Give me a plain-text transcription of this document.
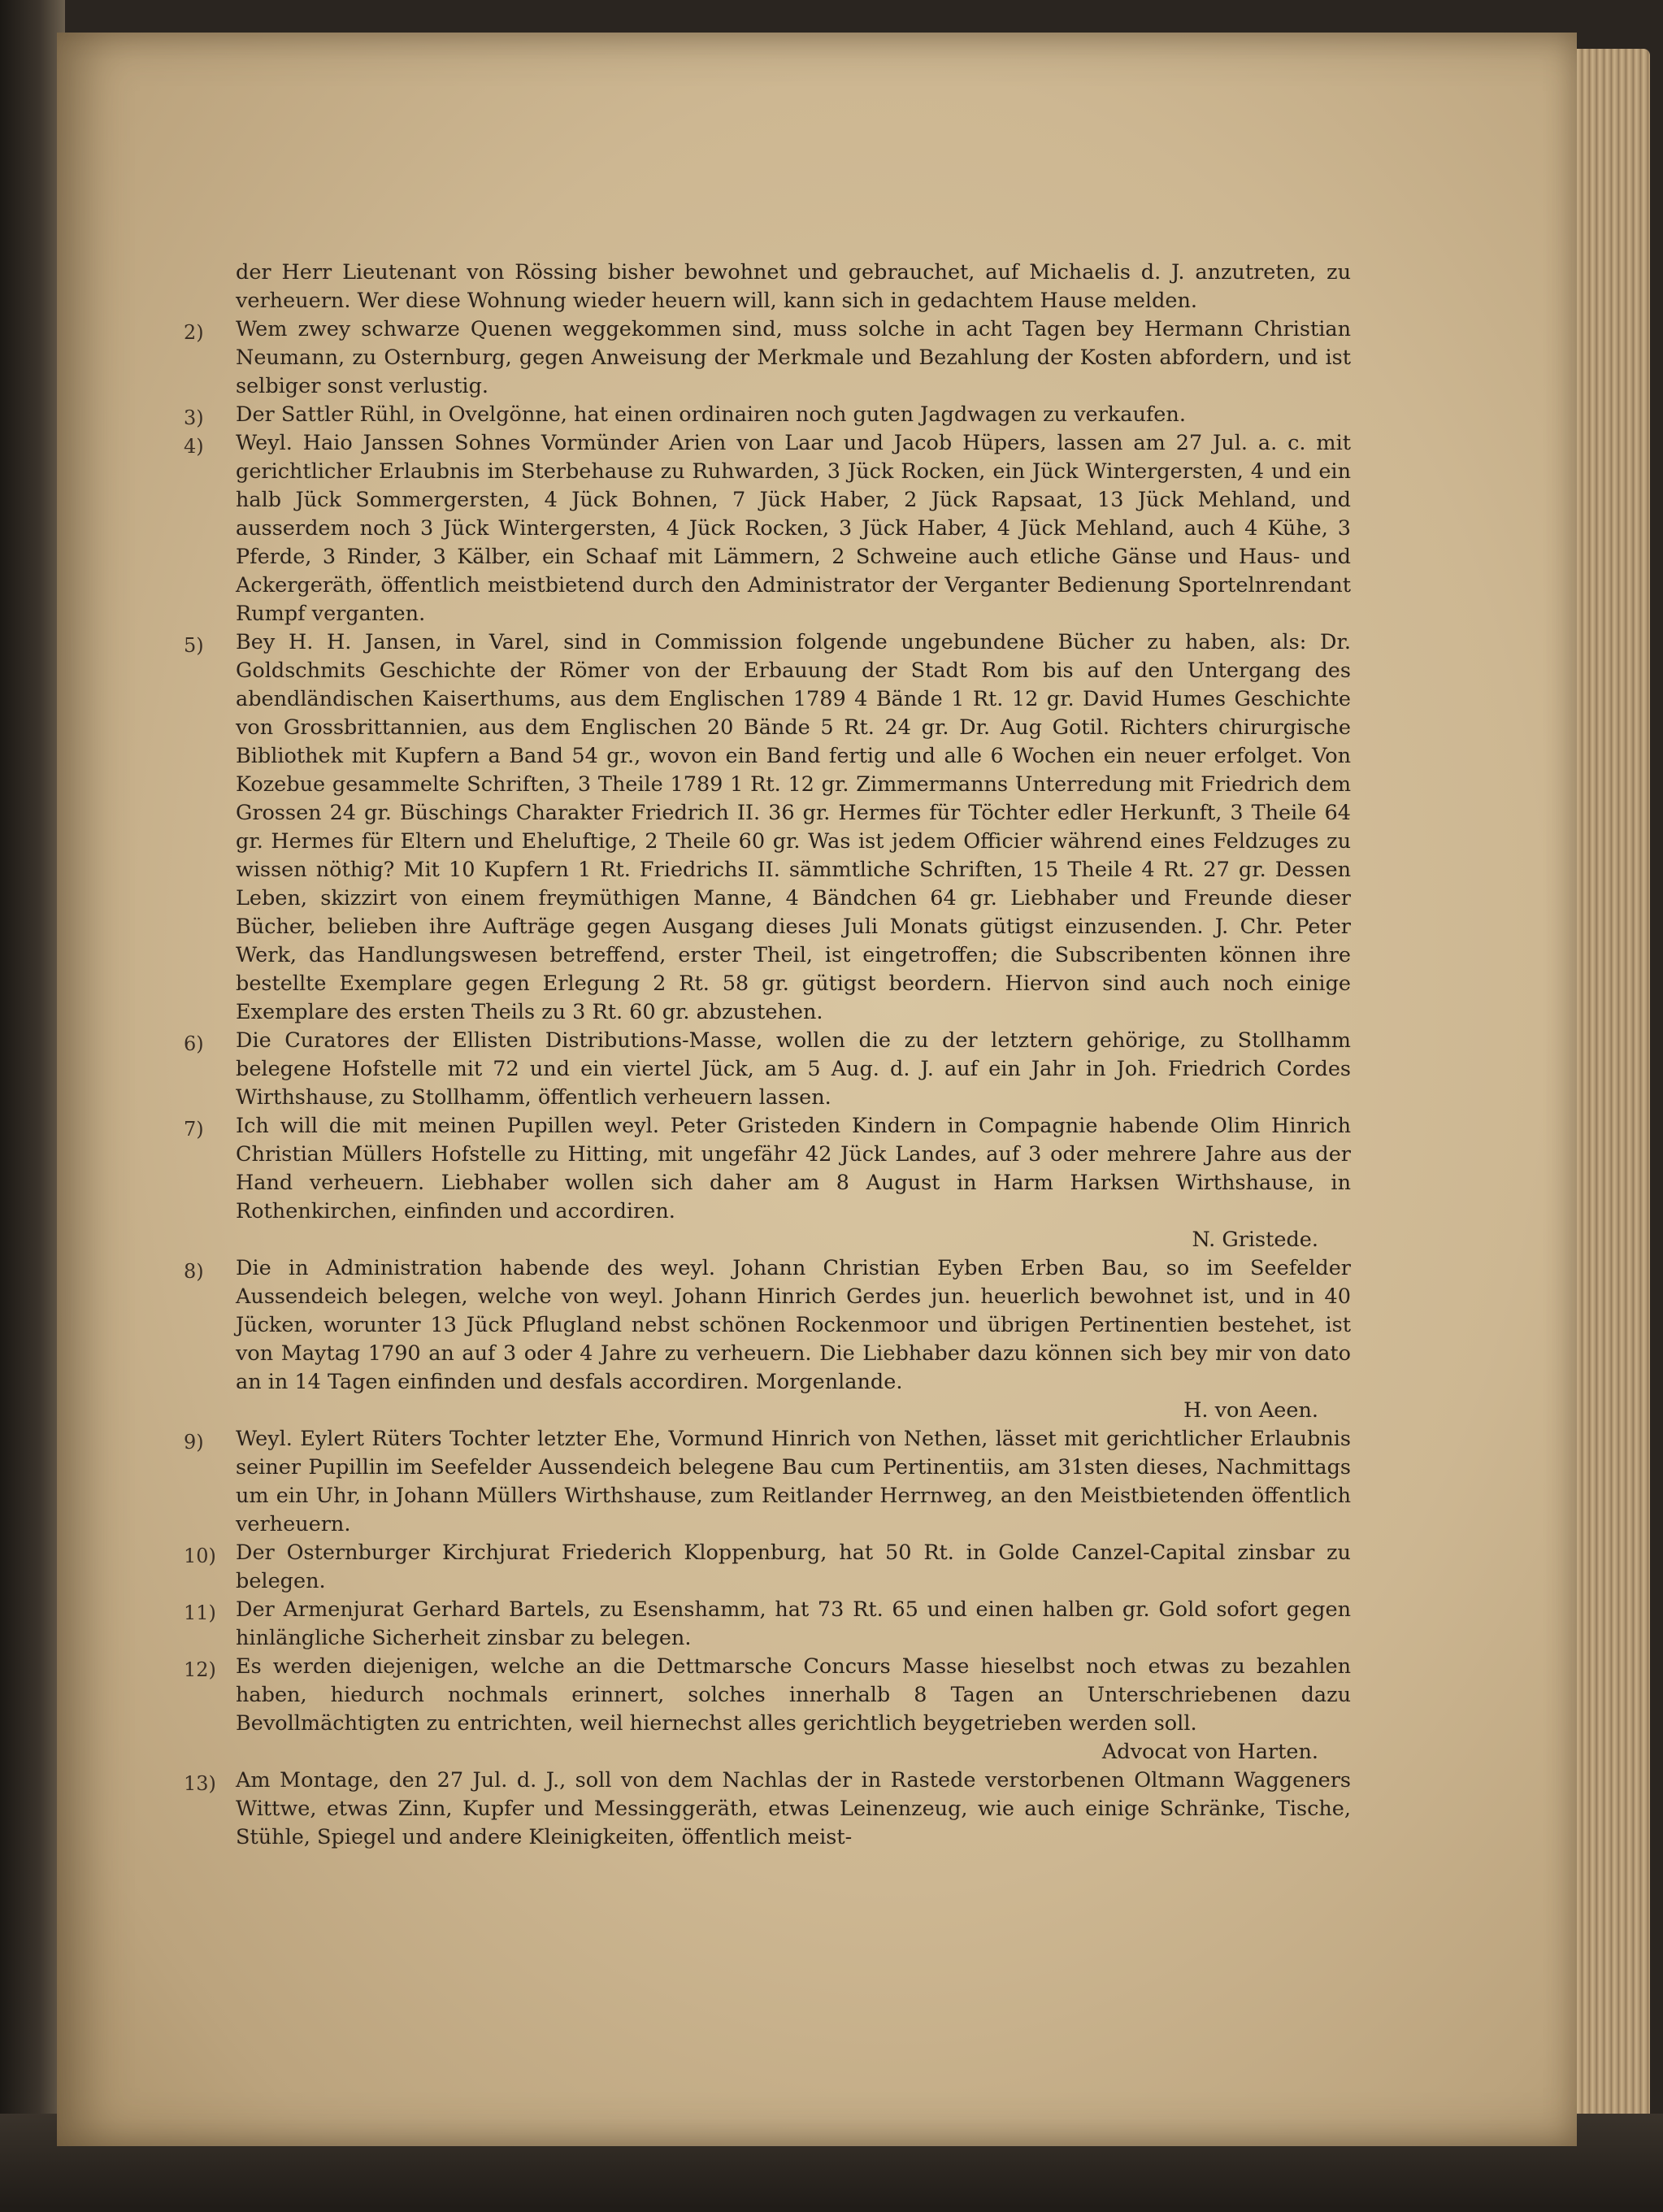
der Herr Lieutenant von Rössing bisher bewohnet und gebrauchet, auf Michaelis d. J. anzutreten, zu verheuern. Wer diese Wohnung wieder heuern will, kann sich in gedachtem Hause melden.

2) Wem zwey schwarze Quenen weggekommen sind, muss solche in acht Tagen bey Hermann Christian Neumann, zu Osternburg, gegen Anweisung der Merkmale und Bezahlung der Kosten abfordern, und ist selbiger sonst verlustig.
3) Der Sattler Rühl, in Ovelgönne, hat einen ordinairen noch guten Jagdwagen zu verkaufen.
4) Weyl. Haio Janssen Sohnes Vormünder Arien von Laar und Jacob Hüpers, lassen am 27 Jul. a. c. mit gerichtlicher Erlaubnis im Sterbehause zu Ruhwarden, 3 Jück Rocken, ein Jück Wintergersten, 4 und ein halb Jück Sommergersten, 4 Jück Bohnen, 7 Jück Haber, 2 Jück Rapsaat, 13 Jück Mehland, und ausserdem noch 3 Jück Wintergersten, 4 Jück Rocken, 3 Jück Haber, 4 Jück Mehland, auch 4 Kühe, 3 Pferde, 3 Rinder, 3 Kälber, ein Schaaf mit Lämmern, 2 Schweine auch etliche Gänse und Haus- und Ackergeräth, öffentlich meistbietend durch den Administrator der Verganter Bedienung Sportelnrendant Rumpf verganten.
5) Bey H. H. Jansen, in Varel, sind in Commission folgende ungebundene Bücher zu haben, als: Dr. Goldschmits Geschichte der Römer von der Erbauung der Stadt Rom bis auf den Untergang des abendländischen Kaiserthums, aus dem Englischen 1789 4 Bände 1 Rt. 12 gr. David Humes Geschichte von Grossbrittannien, aus dem Englischen 20 Bände 5 Rt. 24 gr. Dr. Aug Gotil. Richters chirurgische Bibliothek mit Kupfern a Band 54 gr., wovon ein Band fertig und alle 6 Wochen ein neuer erfolget. Von Kozebue gesammelte Schriften, 3 Theile 1789 1 Rt. 12 gr. Zimmermanns Unterredung mit Friedrich dem Grossen 24 gr. Büschings Charakter Friedrich II. 36 gr. Hermes für Töchter edler Herkunft, 3 Theile 64 gr. Hermes für Eltern und Eheluftige, 2 Theile 60 gr. Was ist jedem Officier während eines Feldzuges zu wissen nöthig? Mit 10 Kupfern 1 Rt. Friedrichs II. sämmtliche Schriften, 15 Theile 4 Rt. 27 gr. Dessen Leben, skizzirt von einem freymüthigen Manne, 4 Bändchen 64 gr. Liebhaber und Freunde dieser Bücher, belieben ihre Aufträge gegen Ausgang dieses Juli Monats gütigst einzusenden. J. Chr. Peter Werk, das Handlungswesen betreffend, erster Theil, ist eingetroffen; die Subscribenten können ihre bestellte Exemplare gegen Erlegung 2 Rt. 58 gr. gütigst beordern. Hiervon sind auch noch einige Exemplare des ersten Theils zu 3 Rt. 60 gr. abzustehen.
6) Die Curatores der Ellisten Distributions-Masse, wollen die zu der letztern gehörige, zu Stollhamm belegene Hofstelle mit 72 und ein viertel Jück, am 5 Aug. d. J. auf ein Jahr in Joh. Friedrich Cordes Wirthshause, zu Stollhamm, öffentlich verheuern lassen.
7) Ich will die mit meinen Pupillen weyl. Peter Gristeden Kindern in Compagnie habende Olim Hinrich Christian Müllers Hofstelle zu Hitting, mit ungefähr 42 Jück Landes, auf 3 oder mehrere Jahre aus der Hand verheuern. Liebhaber wollen sich daher am 8 August in Harm Harksen Wirthshause, in Rothenkirchen, einfinden und accordiren.
N. Gristede.
8) Die in Administration habende des weyl. Johann Christian Eyben Erben Bau, so im Seefelder Aussendeich belegen, welche von weyl. Johann Hinrich Gerdes jun. heuerlich bewohnet ist, und in 40 Jücken, worunter 13 Jück Pflugland nebst schönen Rockenmoor und übrigen Pertinentien bestehet, ist von Maytag 1790 an auf 3 oder 4 Jahre zu verheuern. Die Liebhaber dazu können sich bey mir von dato an in 14 Tagen einfinden und desfals accordiren. Morgenlande.
H. von Aeen.
9) Weyl. Eylert Rüters Tochter letzter Ehe, Vormund Hinrich von Nethen, lässet mit gerichtlicher Erlaubnis seiner Pupillin im Seefelder Aussendeich belegene Bau cum Pertinentiis, am 31sten dieses, Nachmittags um ein Uhr, in Johann Müllers Wirthshause, zum Reitlander Herrnweg, an den Meistbietenden öffentlich verheuern.
10) Der Osternburger Kirchjurat Friederich Kloppenburg, hat 50 Rt. in Golde Canzel-Capital zinsbar zu belegen.
11) Der Armenjurat Gerhard Bartels, zu Esenshamm, hat 73 Rt. 65 und einen halben gr. Gold sofort gegen hinlängliche Sicherheit zinsbar zu belegen.
12) Es werden diejenigen, welche an die Dettmarsche Concurs Masse hieselbst noch etwas zu bezahlen haben, hiedurch nochmals erinnert, solches innerhalb 8 Tagen an Unterschriebenen dazu Bevollmächtigten zu entrichten, weil hiernechst alles gerichtlich beygetrieben werden soll.
Advocat von Harten.
13) Am Montage, den 27 Jul. d. J., soll von dem Nachlas der in Rastede verstorbenen Oltmann Waggeners Wittwe, etwas Zinn, Kupfer und Messinggeräth, etwas Leinenzeug, wie auch einige Schränke, Tische, Stühle, Spiegel und andere Kleinigkeiten, öffentlich meist-
